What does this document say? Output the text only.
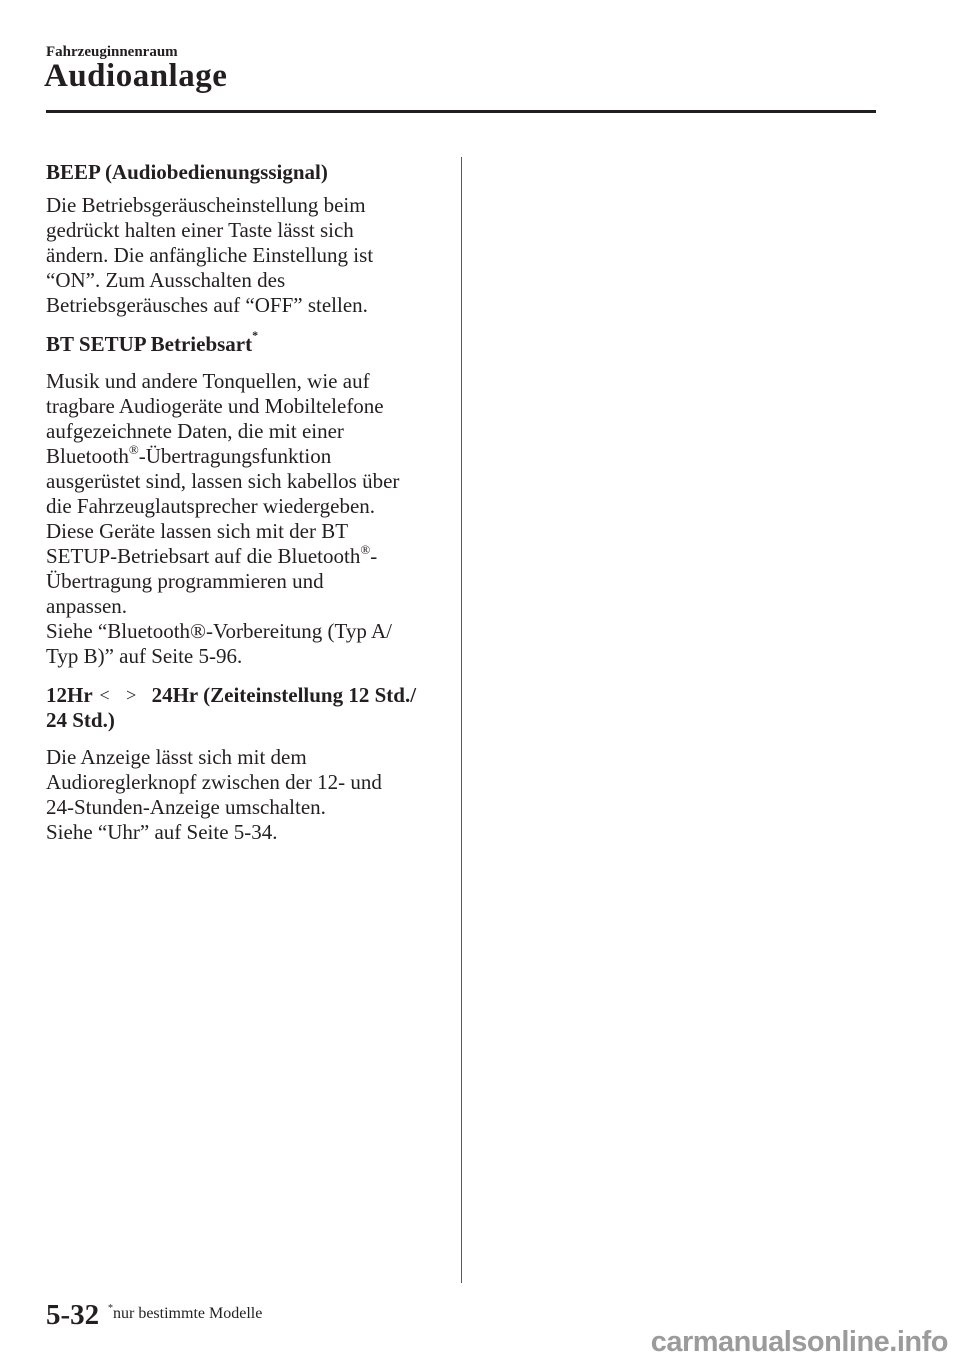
Fahrzeuginnenraum
Audioanlage
BEEP (Audiobedienungssignal)
Die Betriebsgeräuscheinstellung beim
gedrückt halten einer Taste lässt sich
ändern. Die anfängliche Einstellung ist
“ON”. Zum Ausschalten des
Betriebsgeräusches auf “OFF” stellen.
BT SETUP Betriebsart*
Musik und andere Tonquellen, wie auf
tragbare Audiogeräte und Mobiltelefone
aufgezeichnete Daten, die mit einer
Bluetooth®-Übertragungsfunktion
ausgerüstet sind, lassen sich kabellos über
die Fahrzeuglautsprecher wiedergeben.
Diese Geräte lassen sich mit der BT
SETUP-Betriebsart auf die Bluetooth®-
Übertragung programmieren und
anpassen.
Siehe “Bluetooth®-Vorbereitung (Typ A/
Typ B)” auf Seite 5-96.
12Hr < > 24Hr (Zeiteinstellung 12 Std./
24 Std.)
Die Anzeige lässt sich mit dem
Audioreglerknopf zwischen der 12- und
24-Stunden-Anzeige umschalten.
Siehe “Uhr” auf Seite 5-34.
5-32 *nur bestimmte Modelle
carmanualsonline.info
